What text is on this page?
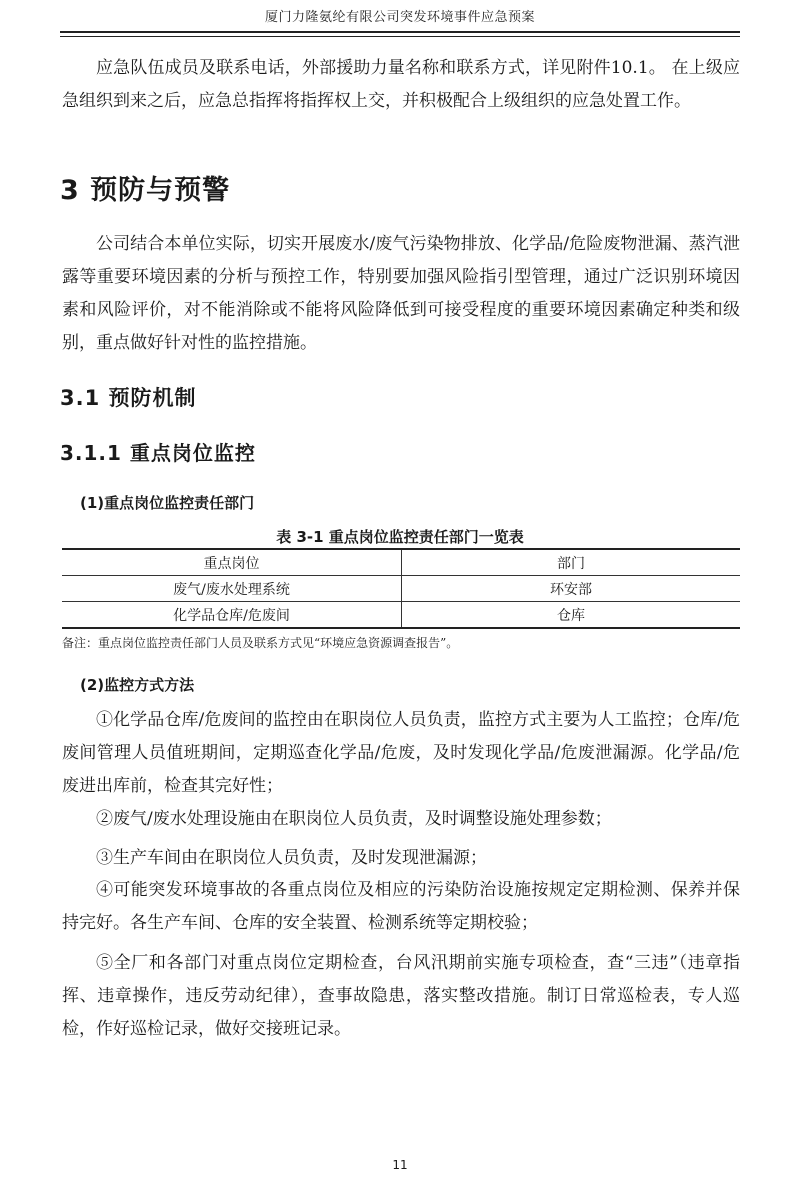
厦门力隆氨纶有限公司突发环境事件应急预案

应急队伍成员及联系电话，外部援助力量名称和联系方式，详见附件10.1。 在上级应急组织到来之后，应急总指挥将指挥权上交，并积极配合上级组织的应急处置工作。

3 预防与预警

公司结合本单位实际，切实开展废水/废气污染物排放、化学品/危险废物泄漏、蒸汽泄露等重要环境因素的分析与预控工作，特别要加强风险指引型管理，通过广泛识别环境因素和风险评价，对不能消除或不能将风险降低到可接受程度的重要环境因素确定种类和级别，重点做好针对性的监控措施。

3.1 预防机制
3.1.1 重点岗位监控
(1)重点岗位监控责任部门
表 3-1 重点岗位监控责任部门一览表
重点岗位	部门
废气/废水处理系统	环安部
化学品仓库/危废间	仓库
备注：重点岗位监控责任部门人员及联系方式见“环境应急资源调查报告”。
(2)监控方式方法

①化学品仓库/危废间的监控由在职岗位人员负责，监控方式主要为人工监控；仓库/危废间管理人员值班期间，定期巡查化学品/危废，及时发现化学品/危废泄漏源。化学品/危废进出库前，检查其完好性；

②废气/废水处理设施由在职岗位人员负责，及时调整设施处理参数；

③生产车间由在职岗位人员负责，及时发现泄漏源；

④可能突发环境事故的各重点岗位及相应的污染防治设施按规定定期检测、保养并保持完好。各生产车间、仓库的安全装置、检测系统等定期校验；

⑤全厂和各部门对重点岗位定期检查，台风汛期前实施专项检查，查“三违”（违章指挥、违章操作，违反劳动纪律），查事故隐患，落实整改措施。制订日常巡检表，专人巡检，作好巡检记录，做好交接班记录。

11
